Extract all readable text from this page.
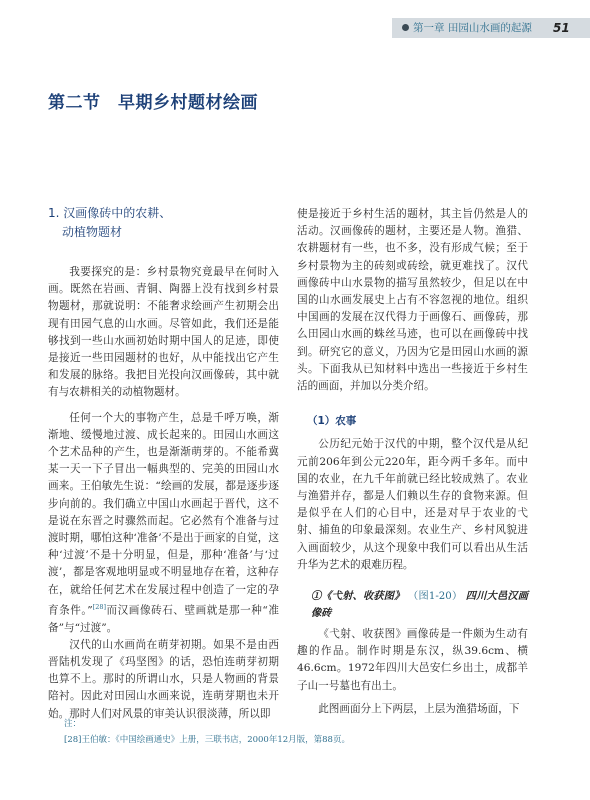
第一章 田园山水画的起源 51
第二节　早期乡村题材绘画
1. 汉画像砖中的农耕、
动植物题材

我要探究的是：乡村景物究竟最早在何时入画。既然在岩画、青铜、陶器上没有找到乡村景物题材，那就说明：不能奢求绘画产生初期会出现有田园气息的山水画。尽管如此，我们还是能够找到一些山水画初始时期中国人的足迹，即使是接近一些田园题材的也好，从中能找出它产生和发展的脉络。我把目光投向汉画像砖，其中就有与农耕相关的动植物题材。

任何一个大的事物产生，总是千呼万唤，渐渐地、缓慢地过渡、成长起来的。田园山水画这个艺术品种的产生，也是渐渐萌芽的。不能希冀某一天一下子冒出一幅典型的、完美的田园山水画来。王伯敏先生说：“绘画的发展，都是逐步逐步向前的。我们确立中国山水画起于晋代，这不是说在东晋之时骤然而起。它必然有个准备与过渡时期，哪怕这种‘准备’不是出于画家的自觉，这种‘过渡’不是十分明显，但是，那种‘准备’与‘过渡’，都是客观地明显或不明显地存在着，这种存在，就给任何艺术在发展过程中创造了一定的孕育条件。”[28]而汉画像砖石、壁画就是那一种“准备”与“过渡”。

汉代的山水画尚在萌芽初期。如果不是由西晋陆机发现了《玛坚图》的话，恐怕连萌芽初期也算不上。那时的所谓山水，只是人物画的背景陪衬。因此对田园山水画来说，连萌芽期也未开始。那时人们对风景的审美认识很淡薄，所以即

使是接近于乡村生活的题材，其主旨仍然是人的活动。汉画像砖的题材，主要还是人物。渔猎、农耕题材有一些，也不多，没有形成气候；至于乡村景物为主的砖刻或砖绘，就更难找了。汉代画像砖中山水景物的描写虽然较少，但足以在中国的山水画发展史上占有不容忽视的地位。组织中国画的发展在汉代得力于画像石、画像砖，那么田园山水画的蛛丝马迹，也可以在画像砖中找到。研究它的意义，乃因为它是田园山水画的源头。下面我从已知材料中选出一些接近于乡村生活的画面，并加以分类介绍。

（1）农事

公历纪元始于汉代的中期，整个汉代是从纪元前206年到公元220年，距今两千多年。而中国的农业，在九千年前就已经比较成熟了。农业与渔猎并存，都是人们赖以生存的食物来源。但是似乎在人们的心目中，还是对早于农业的弋射、捕鱼的印象最深刻。农业生产、乡村风貌进入画面较少，从这个现象中我们可以看出从生活升华为艺术的艰难历程。

①《弋射、收获图》 （图1-20） 四川大邑汉画像砖

《弋射、收获图》画像砖是一件颇为生动有趣的作品。制作时期是东汉，纵39.6cm、横46.6cm。1972年四川大邑安仁乡出土，成都羊子山一号墓也有出土。

此图画面分上下两层，上层为渔猎场面，下

注：
[28]王伯敏：《中国绘画通史》上册，三联书店，2000年12月版，第88页。
